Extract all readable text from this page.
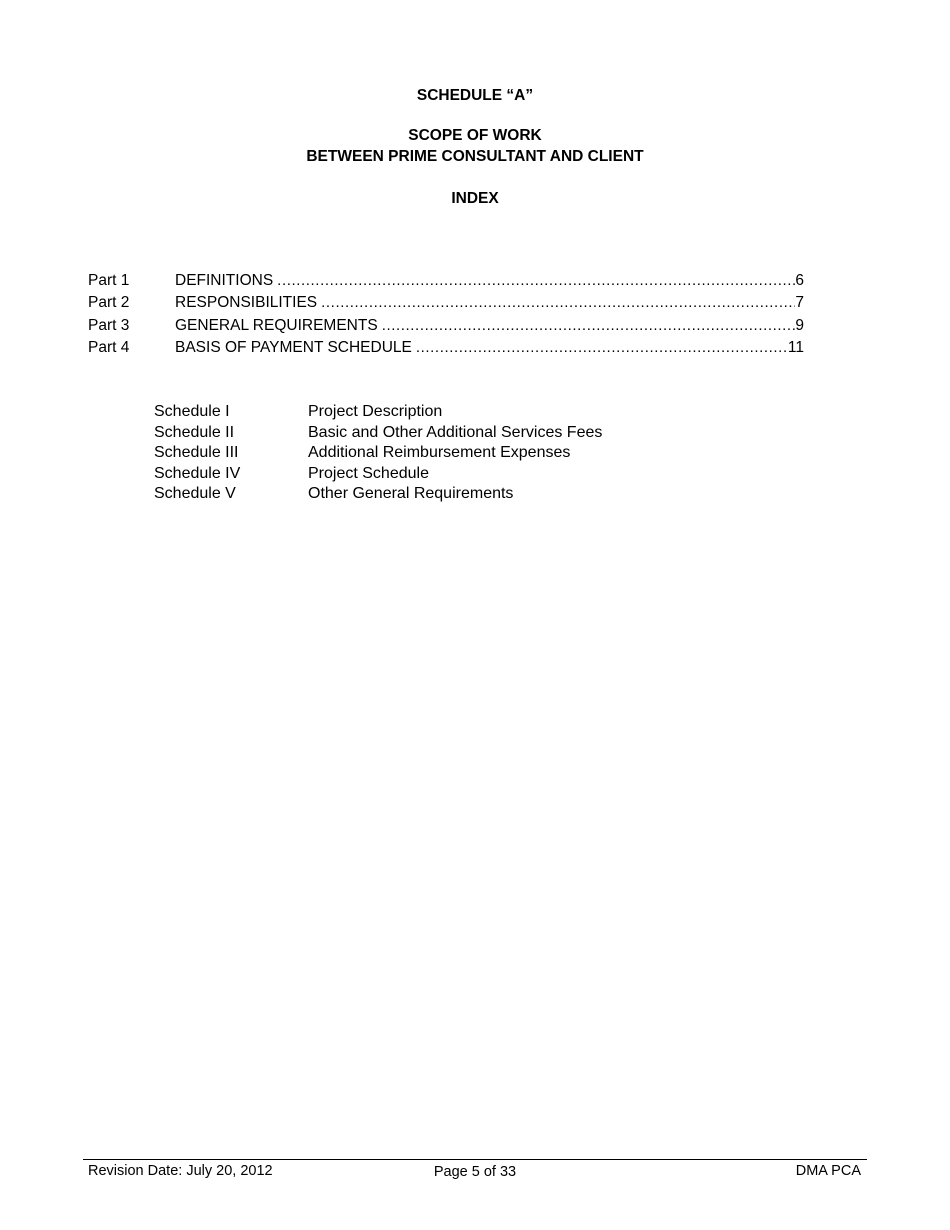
SCHEDULE “A”
SCOPE OF WORK
BETWEEN PRIME CONSULTANT AND CLIENT
INDEX
Part 1	DEFINITIONS .....	6
Part 2	RESPONSIBILITIES .....	7
Part 3	GENERAL REQUIREMENTS .....	9
Part 4	BASIS OF PAYMENT SCHEDULE .....	11
Schedule I	Project Description
Schedule II	Basic and Other Additional Services Fees
Schedule III	Additional Reimbursement Expenses
Schedule IV	Project Schedule
Schedule V	Other General Requirements
Revision Date: July 20, 2012	Page 5 of 33	DMA PCA
